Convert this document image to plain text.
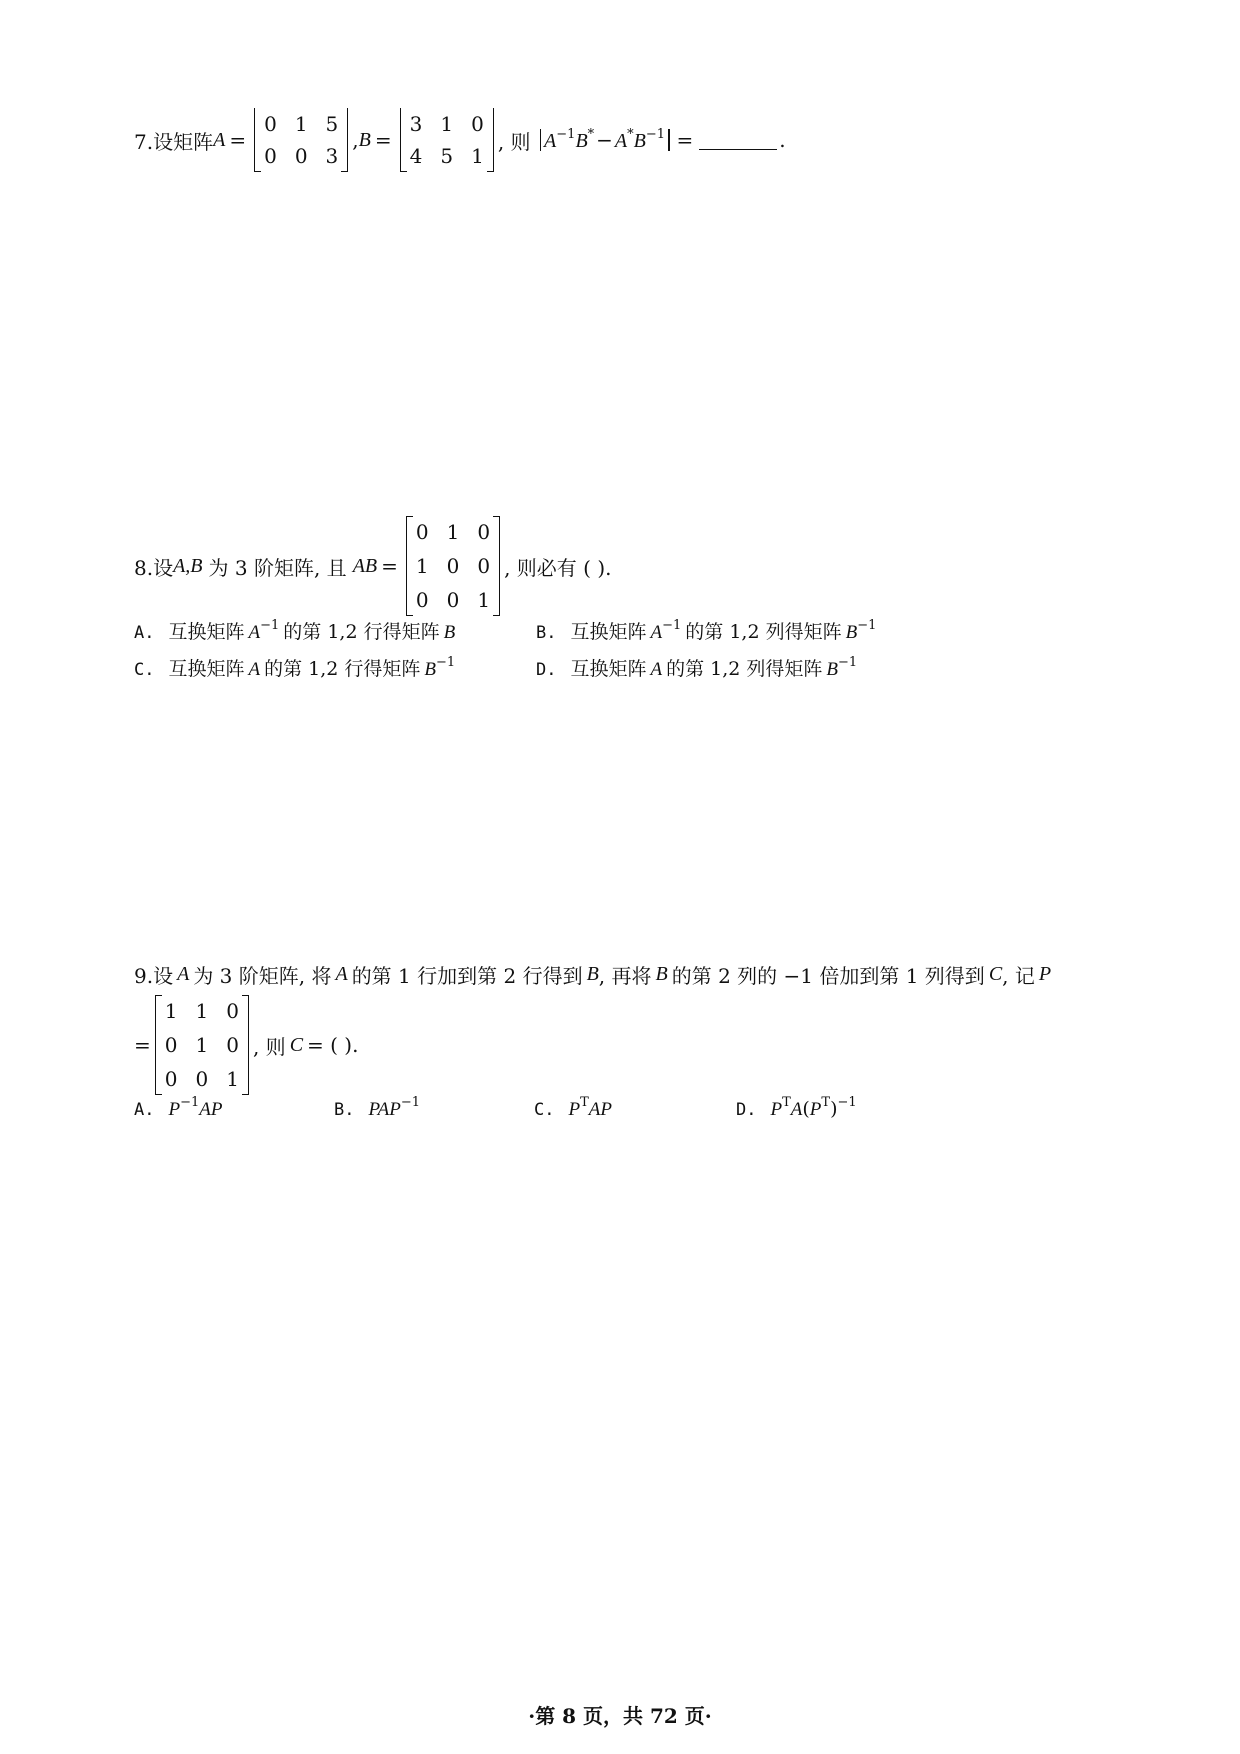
7.设矩阵 A =
0 1 5
0 0 3
, B =
3 1 0
4 5 1
, 则 $A^{-1}B^* - A^*B^{-1}$ =	.
8.设 A,B 为 3 阶矩阵, 且 AB =
0 1 0
1 0 0
0 0 1
, 则必有 ( ).
A. 互换矩阵 $A^{-1}$ 的第 1,2 行得矩阵 B	B. 互换矩阵 $A^{-1}$ 的第 1,2 列得矩阵 $B^{-1}$
C. 互换矩阵 A 的第 1,2 行得矩阵 $B^{-1}$	D. 互换矩阵 A 的第 1,2 列得矩阵 $B^{-1}$
9.设 A 为 3 阶矩阵, 将 A 的第 1 行加到第 2 行得到 B , 再将 B 的第 2 列的 −1 倍加到第 1 列得到 C , 记 P
=
1 1 0
0 1 0
0 0 1
, 则 C = ( ).
A. $P^{-1}AP$	B. $PAP^{-1}$	C. $P^TAP$	D. $P^TA(P^T)^{-1}$
·第 8 页，共 72 页·
